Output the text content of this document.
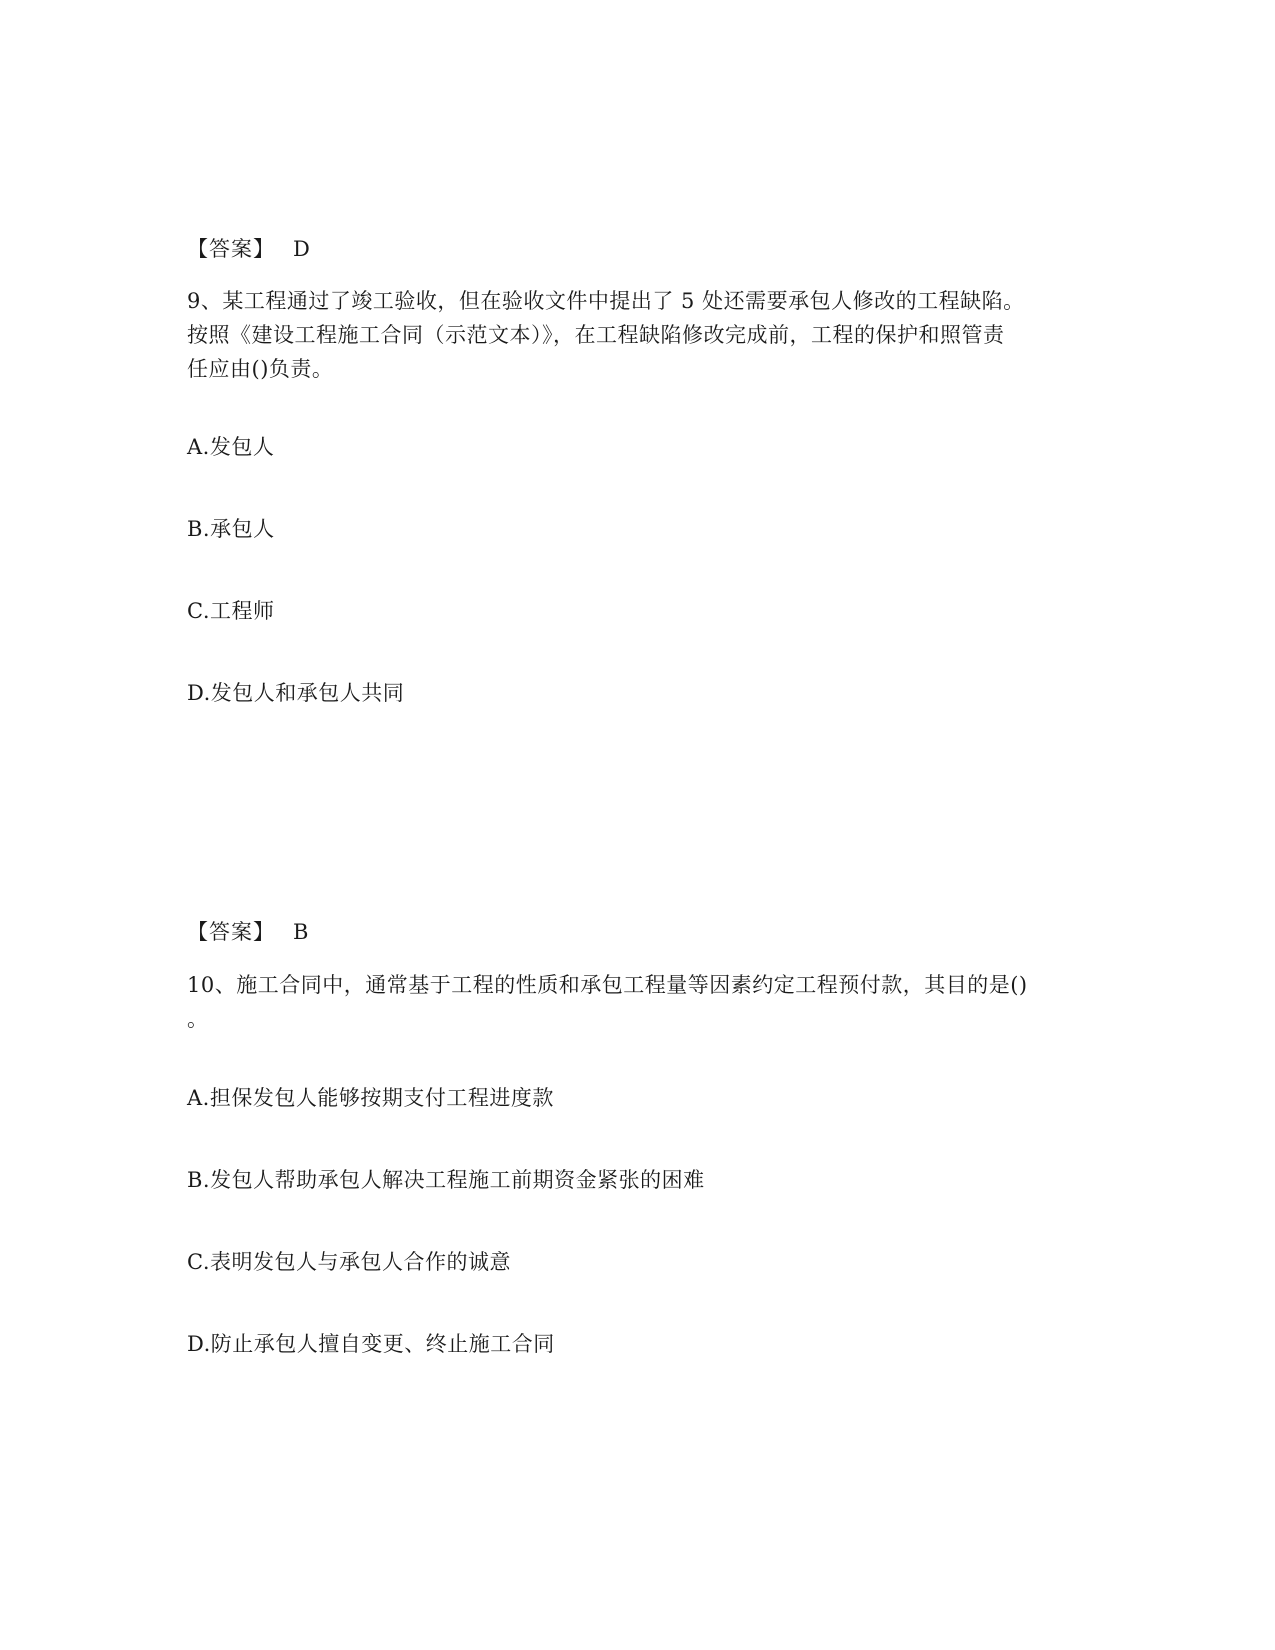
【答案】 D
9、某工程通过了竣工验收，但在验收文件中提出了 5 处还需要承包人修改的工程缺陷。
按照《建设工程施工合同（示范文本）》，在工程缺陷修改完成前，工程的保护和照管责
任应由()负责。
A.发包人
B.承包人
C.工程师
D.发包人和承包人共同
【答案】 B
10、施工合同中，通常基于工程的性质和承包工程量等因素约定工程预付款，其目的是()
。
A.担保发包人能够按期支付工程进度款
B.发包人帮助承包人解决工程施工前期资金紧张的困难
C.表明发包人与承包人合作的诚意
D.防止承包人擅自变更、终止施工合同
